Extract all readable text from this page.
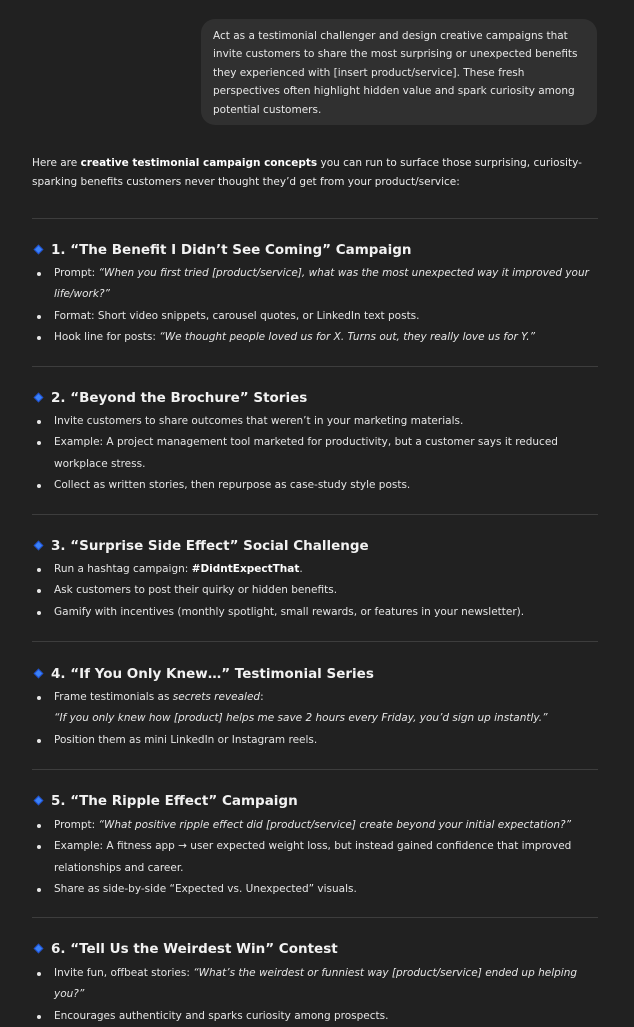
Act as a testimonial challenger and design creative campaigns that invite customers to share the most surprising or unexpected benefits they experienced with [insert product/service]. These fresh perspectives often highlight hidden value and spark curiosity among potential customers.
Here are creative testimonial campaign concepts you can run to surface those surprising, curiosity-sparking benefits customers never thought they’d get from your product/service:
1. “The Benefit I Didn’t See Coming” Campaign
Prompt: “When you first tried [product/service], what was the most unexpected way it improved your life/work?”
Format: Short video snippets, carousel quotes, or LinkedIn text posts.
Hook line for posts: “We thought people loved us for X. Turns out, they really love us for Y.”
2. “Beyond the Brochure” Stories
Invite customers to share outcomes that weren’t in your marketing materials.
Example: A project management tool marketed for productivity, but a customer says it reduced workplace stress.
Collect as written stories, then repurpose as case-study style posts.
3. “Surprise Side Effect” Social Challenge
Run a hashtag campaign: #DidntExpectThat.
Ask customers to post their quirky or hidden benefits.
Gamify with incentives (monthly spotlight, small rewards, or features in your newsletter).
4. “If You Only Knew…” Testimonial Series
Frame testimonials as secrets revealed:
“If you only knew how [product] helps me save 2 hours every Friday, you’d sign up instantly.”
Position them as mini LinkedIn or Instagram reels.
5. “The Ripple Effect” Campaign
Prompt: “What positive ripple effect did [product/service] create beyond your initial expectation?”
Example: A fitness app → user expected weight loss, but instead gained confidence that improved relationships and career.
Share as side-by-side “Expected vs. Unexpected” visuals.
6. “Tell Us the Weirdest Win” Contest
Invite fun, offbeat stories: “What’s the weirdest or funniest way [product/service] ended up helping you?”
Encourages authenticity and sparks curiosity among prospects.
